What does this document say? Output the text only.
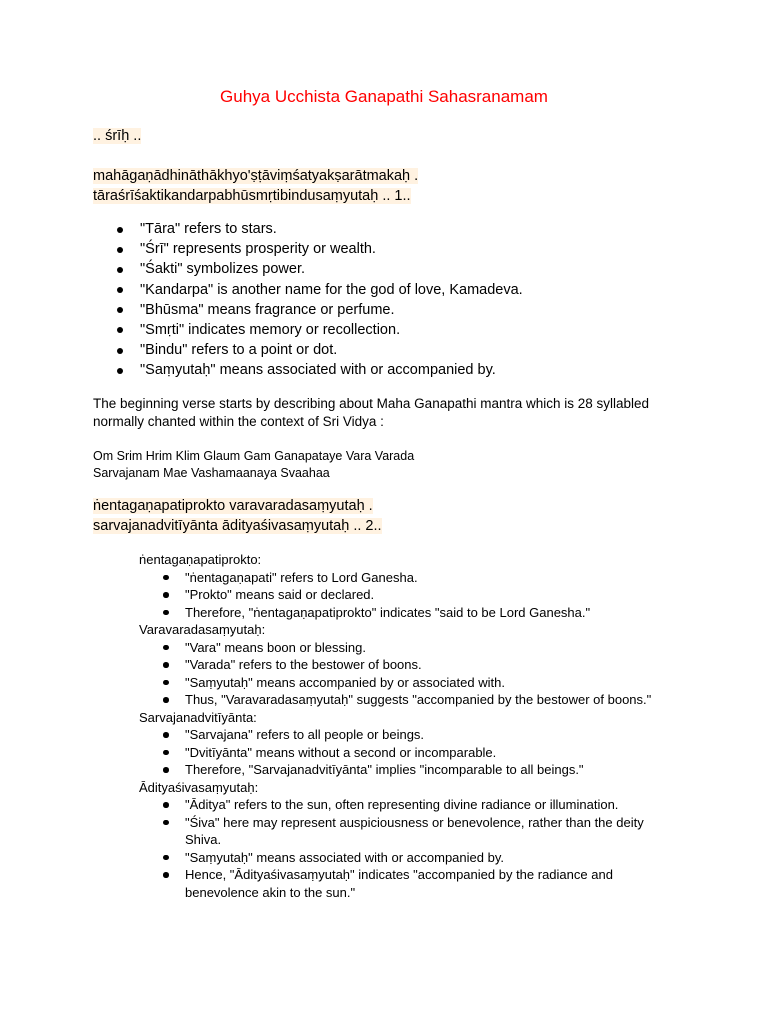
Guhya Ucchista Ganapathi Sahasranamam
.. śrīḥ ..
mahāgaṇādhināthākhyo'ṣṭāviṃśatyakṣarātmakaḥ .
tāraśrīśaktikandarpabhūsmṛtibindusaṃyutaḥ .. 1..
"Tāra" refers to stars.
"Śrī" represents prosperity or wealth.
"Śakti" symbolizes power.
"Kandarpa" is another name for the god of love, Kamadeva.
"Bhūsma" means fragrance or perfume.
"Smṛti" indicates memory or recollection.
"Bindu" refers to a point or dot.
"Saṃyutaḥ" means associated with or accompanied by.
The beginning verse starts by describing about Maha Ganapathi mantra which is 28 syllabled normally chanted within the context of Sri Vidya :
Om Srim Hrim Klim Glaum Gam Ganapataye Vara Varada
Sarvajanam Mae Vashamaanaya Svaahaa
ṅentagaṇapatiprokto varavaradasaṃyutaḥ .
sarvajanadvitīyānta ādityaśivasaṃyutaḥ .. 2..
ṅentagaṇapatiprokto:
"ṅentagaṇapati" refers to Lord Ganesha.
"Prokto" means said or declared.
Therefore, "ṅentagaṇapatiprokto" indicates "said to be Lord Ganesha."
Varavaradasaṃyutaḥ:
"Vara" means boon or blessing.
"Varada" refers to the bestower of boons.
"Saṃyutaḥ" means accompanied by or associated with.
Thus, "Varavaradasaṃyutaḥ" suggests "accompanied by the bestower of boons."
Sarvajanadvitīyānta:
"Sarvajana" refers to all people or beings.
"Dvitīyānta" means without a second or incomparable.
Therefore, "Sarvajanadvitīyānta" implies "incomparable to all beings."
Ādityaśivasaṃyutaḥ:
"Āditya" refers to the sun, often representing divine radiance or illumination.
"Śiva" here may represent auspiciousness or benevolence, rather than the deity Shiva.
"Saṃyutaḥ" means associated with or accompanied by.
Hence, "Ādityaśivasaṃyutaḥ" indicates "accompanied by the radiance and benevolence akin to the sun."
